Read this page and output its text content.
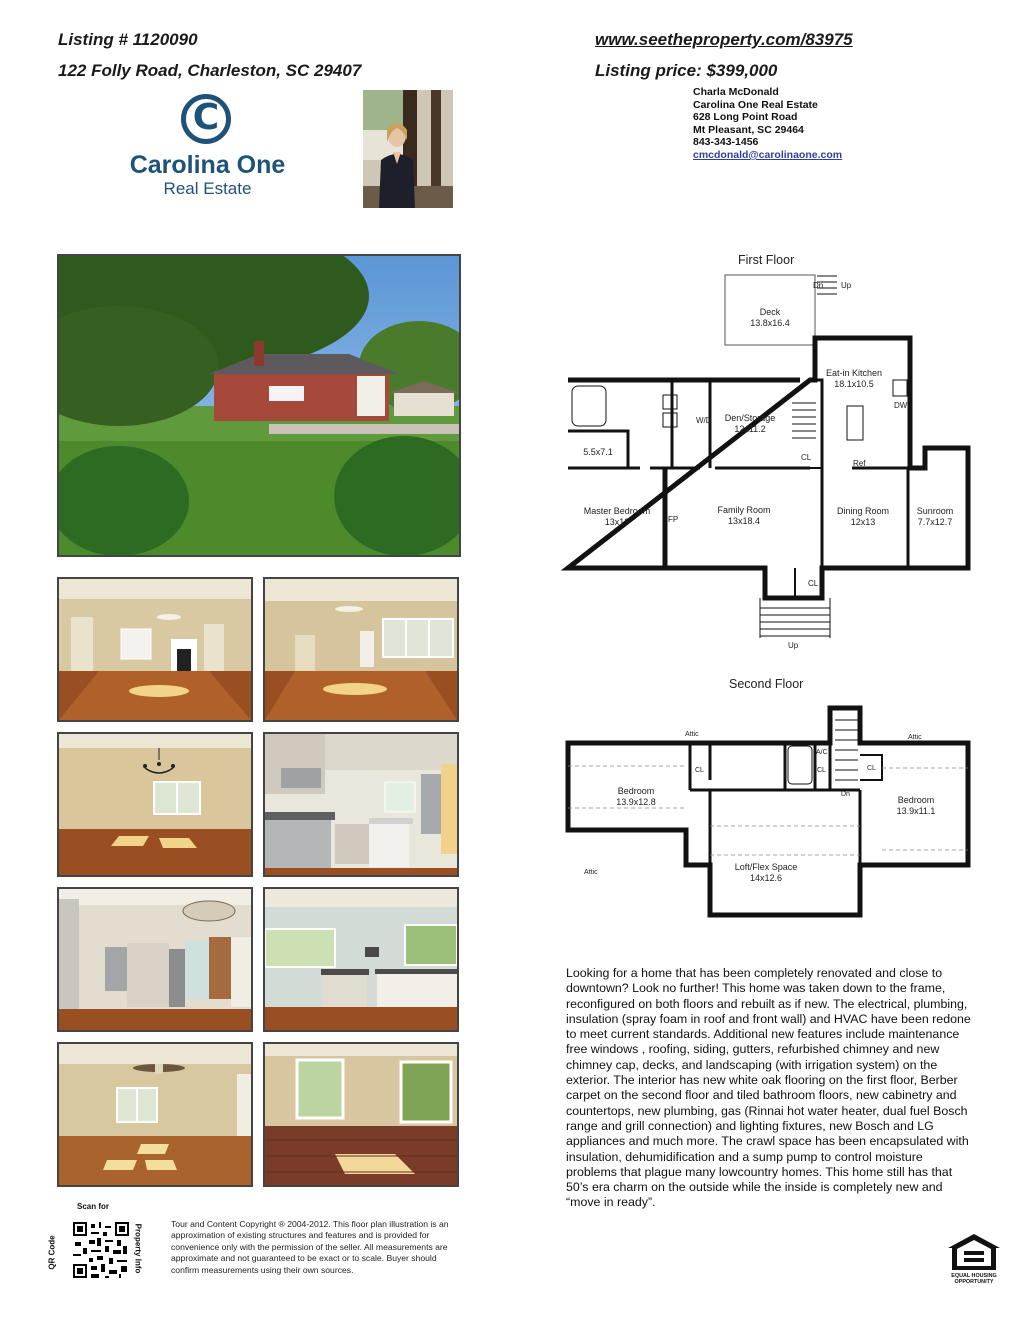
Listing # 1120090
122 Folly Road, Charleston, SC 29407
www.seetheproperty.com/83975
Listing price: $399,000
Charla McDonald
Carolina One Real Estate
628 Long Point Road
Mt Pleasant, SC 29464
843-343-1456
cmcdonald@carolinaone.com
C
Carolina One
Real Estate
First Floor
Dn Up
Up
DW
Ref
CL
CL
FP
W/D
Deck
13.8x16.4
Eat-in Kitchen
18.1x10.5
Den/Storage
12x11.2
5.5x7.1
Master Bedroom
13x13
Family Room
13x18.4
Dining Room
12x13
Sunroom
7.7x12.7
Second Floor
Attic	Attic
Attic
CL	CL	CL
A/C
Dn
Bedroom
13.9x12.8	Bedroom
13.9x11.1
Loft/Flex Space
14x12.6
Looking for a home that has been completely renovated and close to downtown? Look no further! This home was taken down to the frame, reconfigured on both floors and rebuilt as if new. The electrical, plumbing, insulation (spray foam in roof and front wall) and HVAC have been redone to meet current standards. Additional new features include maintenance free windows , roofing, siding, gutters, refurbished chimney and new chimney cap, decks, and landscaping (with irrigation system) on the exterior. The interior has new white oak flooring on the first floor, Berber carpet on the second floor and tiled bathroom floors, new cabinetry and countertops, new plumbing, gas (Rinnai hot water heater, dual fuel Bosch range and grill connection) and lighting fixtures, new Bosch and LG appliances and much more. The crawl space has been encapsulated with insulation, dehumidification and a sump pump to control moisture problems that plague many lowcountry homes. This home still has that 50’s era charm on the outside while the inside is completely new and “move in ready”.
Scan for
QR Code	Property Info	Tour and Content Copyright ® 2004-2012. This floor plan illustration is an approximation of existing structures and features and is provided for convenience only with the permission of the seller. All measurements are approximate and not guaranteed to be exact or to scale. Buyer should confirm measurements using their own sources.
EQUAL HOUSING
OPPORTUNITY
